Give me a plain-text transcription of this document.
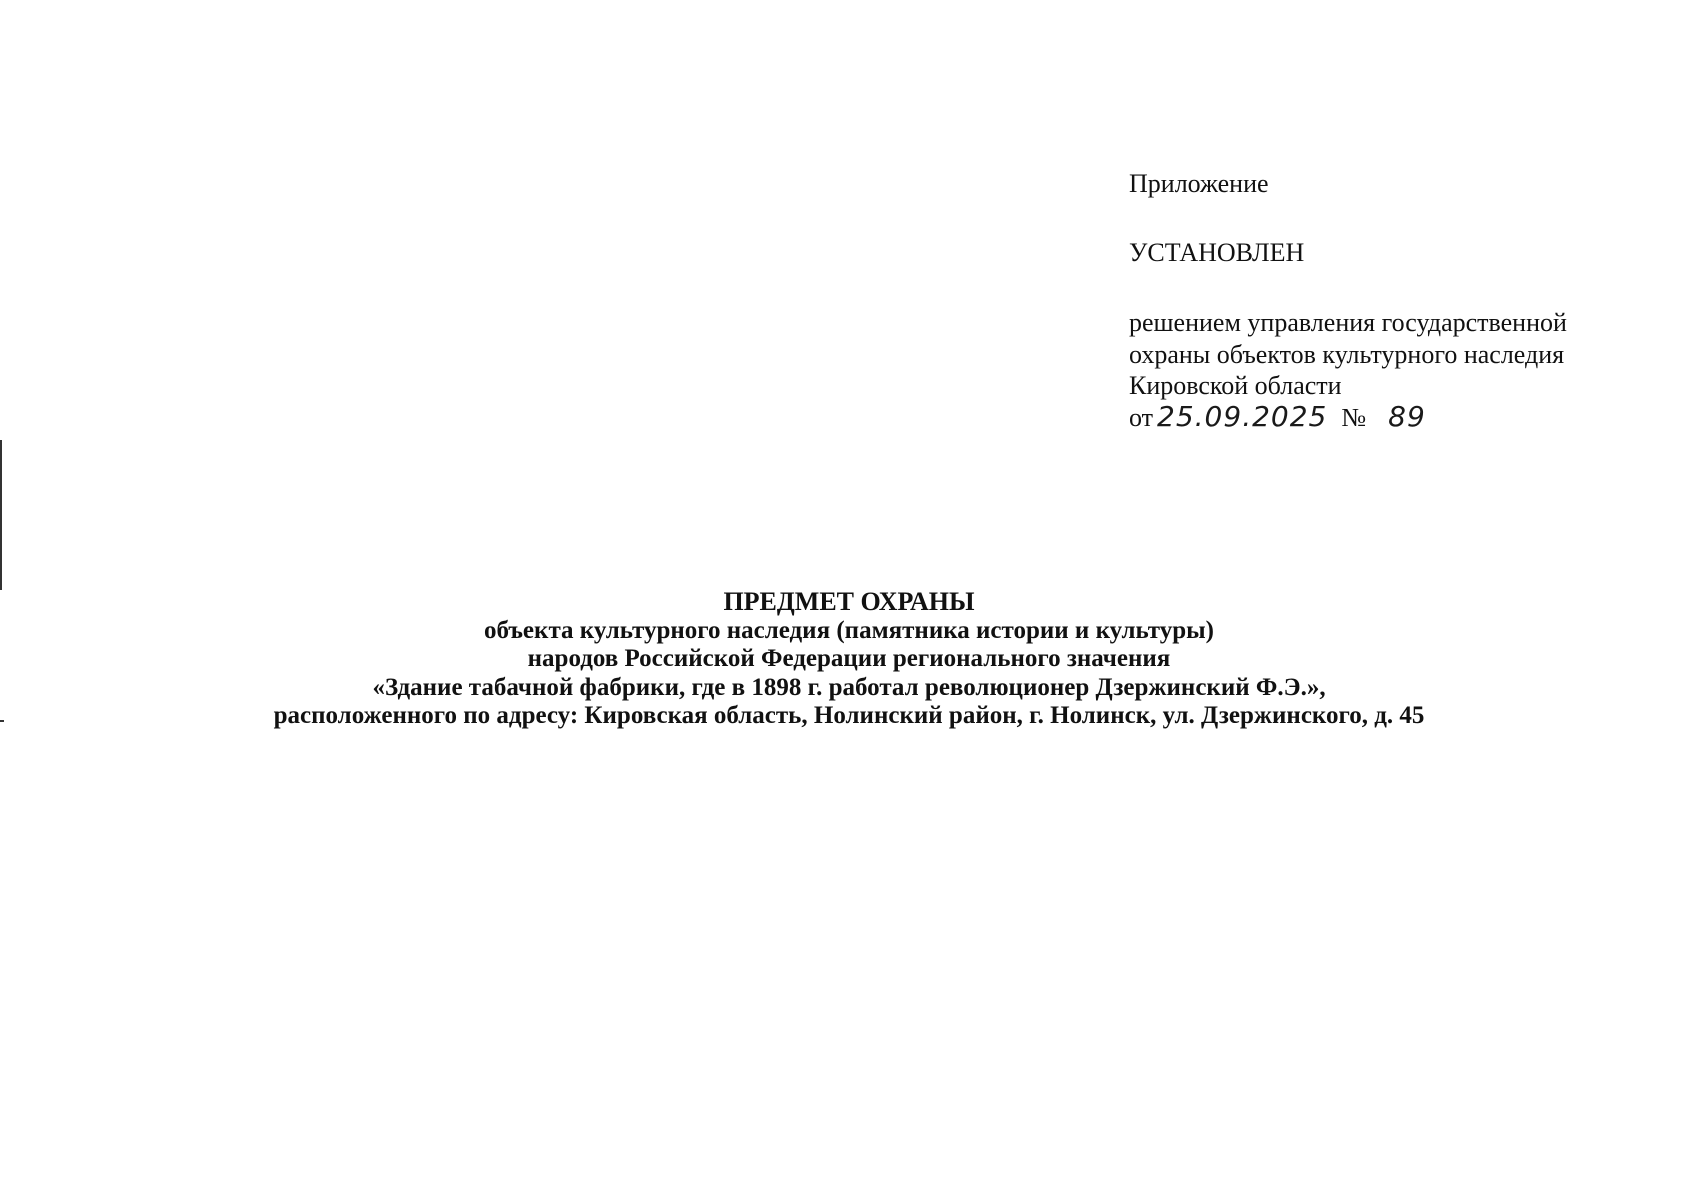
Приложение
УСТАНОВЛЕН
решением управления государственной
охраны объектов культурного наследия
Кировской области
от 25.09.2025 № 89
ПРЕДМЕТ ОХРАНЫ
объекта культурного наследия (памятника истории и культуры)
народов Российской Федерации регионального значения
«Здание табачной фабрики, где в 1898 г. работал революционер Дзержинский Ф.Э.»,
расположенного по адресу: Кировская область, Нолинский район, г. Нолинск, ул. Дзержинского, д. 45
